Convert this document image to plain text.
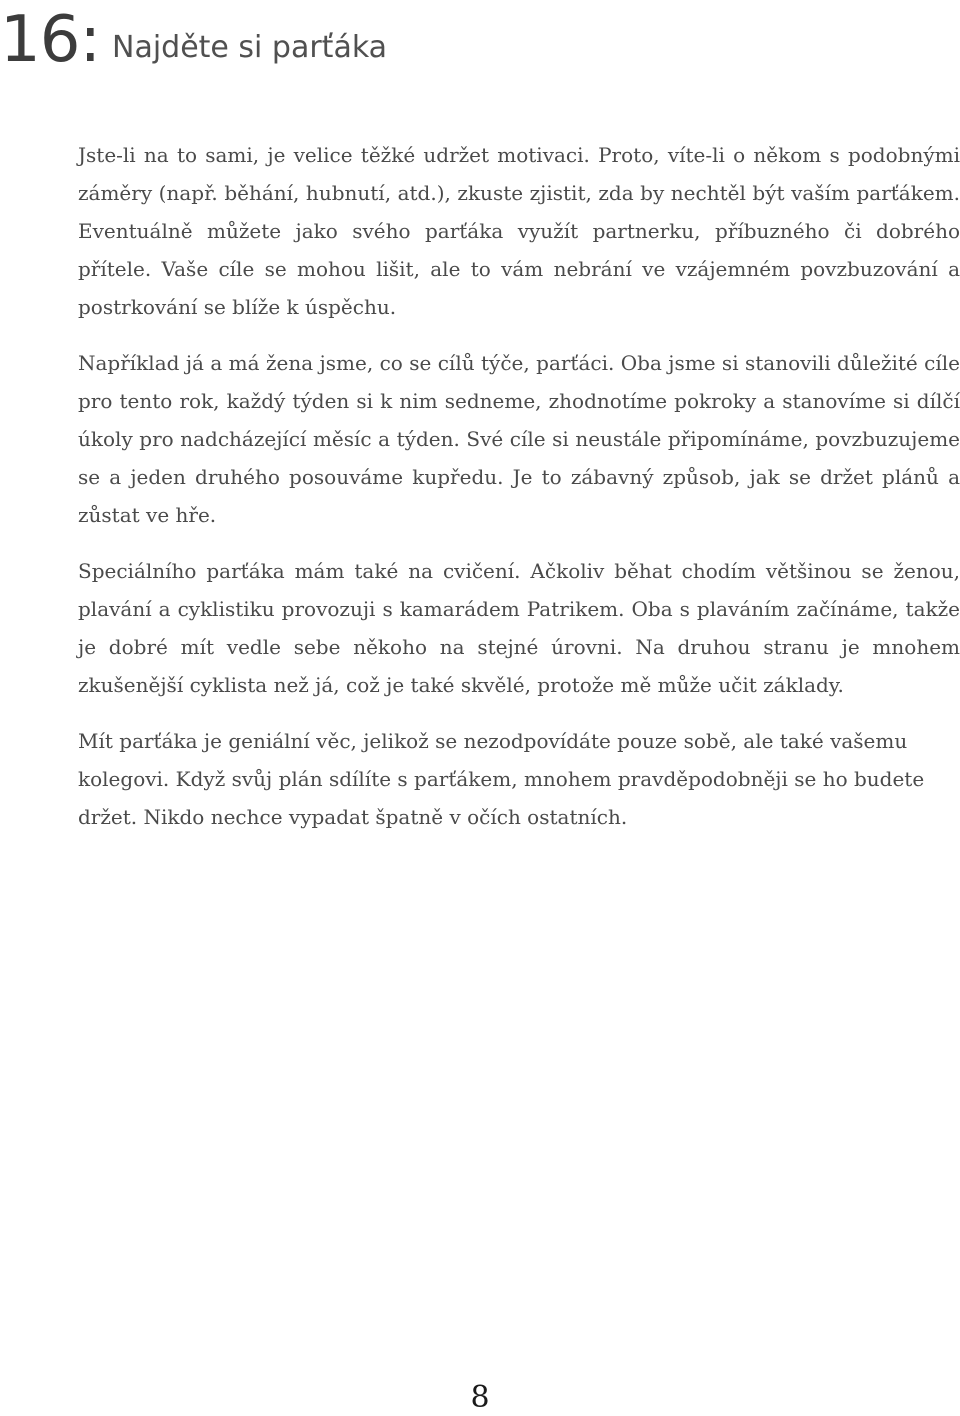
16: Najděte si parťáka

Jste-li na to sami, je velice těžké udržet motivaci. Proto, víte-li o někom s podobnými záměry (např. běhání, hubnutí, atd.), zkuste zjistit, zda by nechtěl být vaším parťákem. Eventuálně můžete jako svého parťáka využít partnerku, příbuzného či dobrého přítele. Vaše cíle se mohou lišit, ale to vám nebrání ve vzájemném povzbuzování a postrkování se blíže k úspěchu.

Například já a má žena jsme, co se cílů týče, parťáci. Oba jsme si stanovili důležité cíle pro tento rok, každý týden si k nim sedneme, zhodnotíme pokroky a stanovíme si dílčí úkoly pro nadcházející měsíc a týden. Své cíle si neustále připomínáme, povzbuzujeme se a jeden druhého posouváme kupředu. Je to zábavný způsob, jak se držet plánů a zůstat ve hře.

Speciálního parťáka mám také na cvičení. Ačkoliv běhat chodím většinou se ženou, plavání a cyklistiku provozuji s kamarádem Patrikem. Oba s plaváním začínáme, takže je dobré mít vedle sebe někoho na stejné úrovni. Na druhou stranu je mnohem zkušenější cyklista než já, což je také skvělé, protože mě může učit základy.

Mít parťáka je geniální věc, jelikož se nezodpovídáte pouze sobě, ale také vašemu kolegovi. Když svůj plán sdílíte s parťákem, mnohem pravděpodobněji se ho budete držet. Nikdo nechce vypadat špatně v očích ostatních.

8
